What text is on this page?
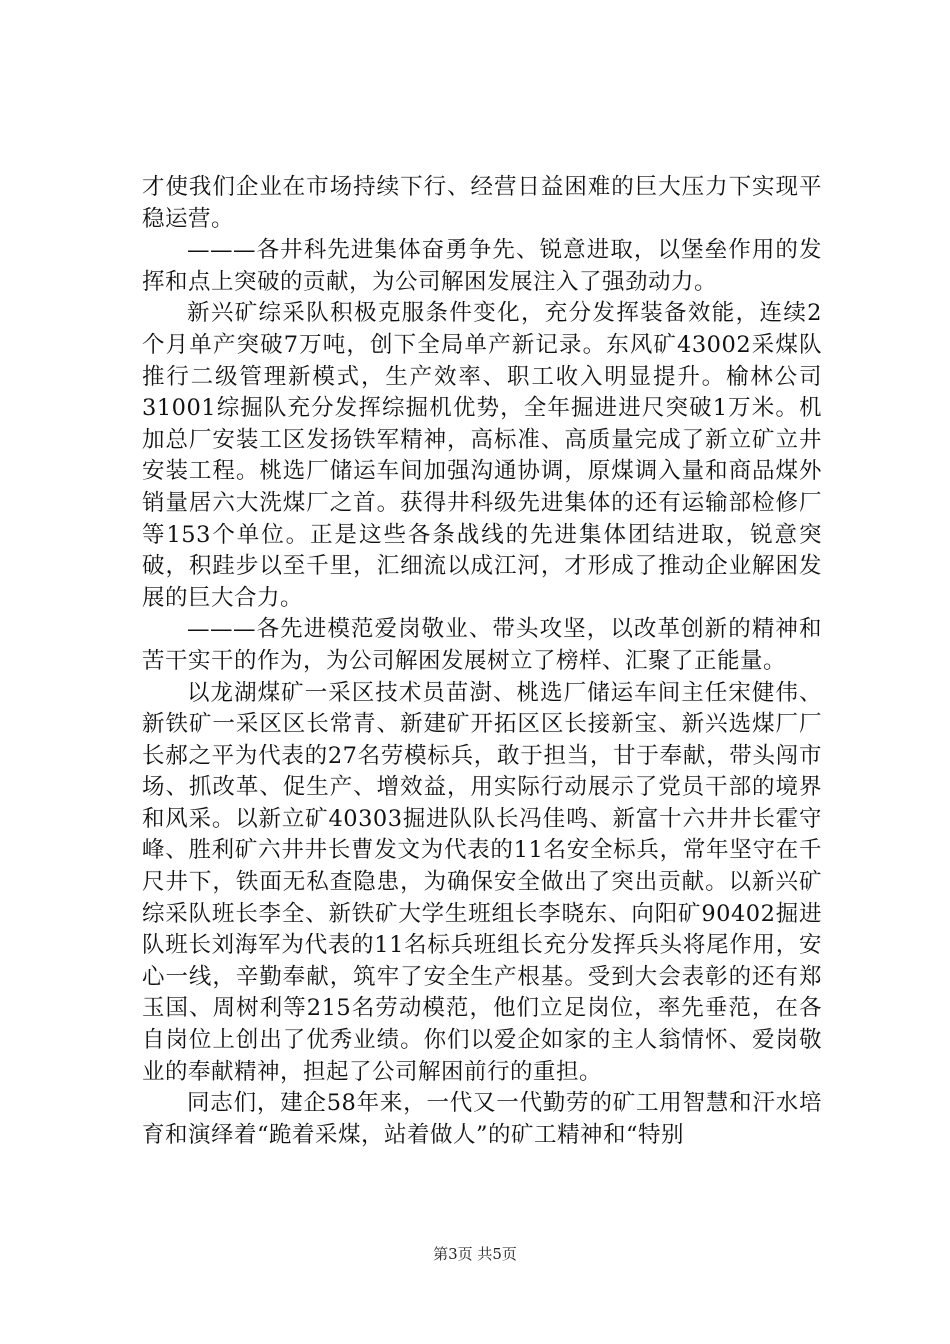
才使我们企业在市场持续下行、经营日益困难的巨大压力下实现平稳运营。

———各井科先进集体奋勇争先、锐意进取，以堡垒作用的发挥和点上突破的贡献，为公司解困发展注入了强劲动力。

新兴矿综采队积极克服条件变化，充分发挥装备效能，连续2个月单产突破7万吨，创下全局单产新记录。东风矿43002采煤队推行二级管理新模式，生产效率、职工收入明显提升。榆林公司31001综掘队充分发挥综掘机优势，全年掘进进尺突破1万米。机加总厂安装工区发扬铁军精神，高标准、高质量完成了新立矿立井安装工程。桃选厂储运车间加强沟通协调，原煤调入量和商品煤外销量居六大洗煤厂之首。获得井科级先进集体的还有运输部检修厂等153个单位。正是这些各条战线的先进集体团结进取，锐意突破，积跬步以至千里，汇细流以成江河，才形成了推动企业解困发展的巨大合力。

———各先进模范爱岗敬业、带头攻坚，以改革创新的精神和苦干实干的作为，为公司解困发展树立了榜样、汇聚了正能量。

以龙湖煤矿一采区技术员苗澍、桃选厂储运车间主任宋健伟、新铁矿一采区区长常青、新建矿开拓区区长接新宝、新兴选煤厂厂长郝之平为代表的27名劳模标兵，敢于担当，甘于奉献，带头闯市场、抓改革、促生产、增效益，用实际行动展示了党员干部的境界和风采。以新立矿40303掘进队队长冯佳鸣、新富十六井井长霍守峰、胜利矿六井井长曹发文为代表的11名安全标兵，常年坚守在千尺井下，铁面无私查隐患，为确保安全做出了突出贡献。以新兴矿综采队班长李全、新铁矿大学生班组长李晓东、向阳矿90402掘进队班长刘海军为代表的11名标兵班组长充分发挥兵头将尾作用，安心一线，辛勤奉献，筑牢了安全生产根基。受到大会表彰的还有郑玉国、周树利等215名劳动模范，他们立足岗位，率先垂范，在各自岗位上创出了优秀业绩。你们以爱企如家的主人翁情怀、爱岗敬业的奉献精神，担起了公司解困前行的重担。

同志们，建企58年来，一代又一代勤劳的矿工用智慧和汗水培育和演绎着“跪着采煤，站着做人”的矿工精神和“特别

第3页 共5页
